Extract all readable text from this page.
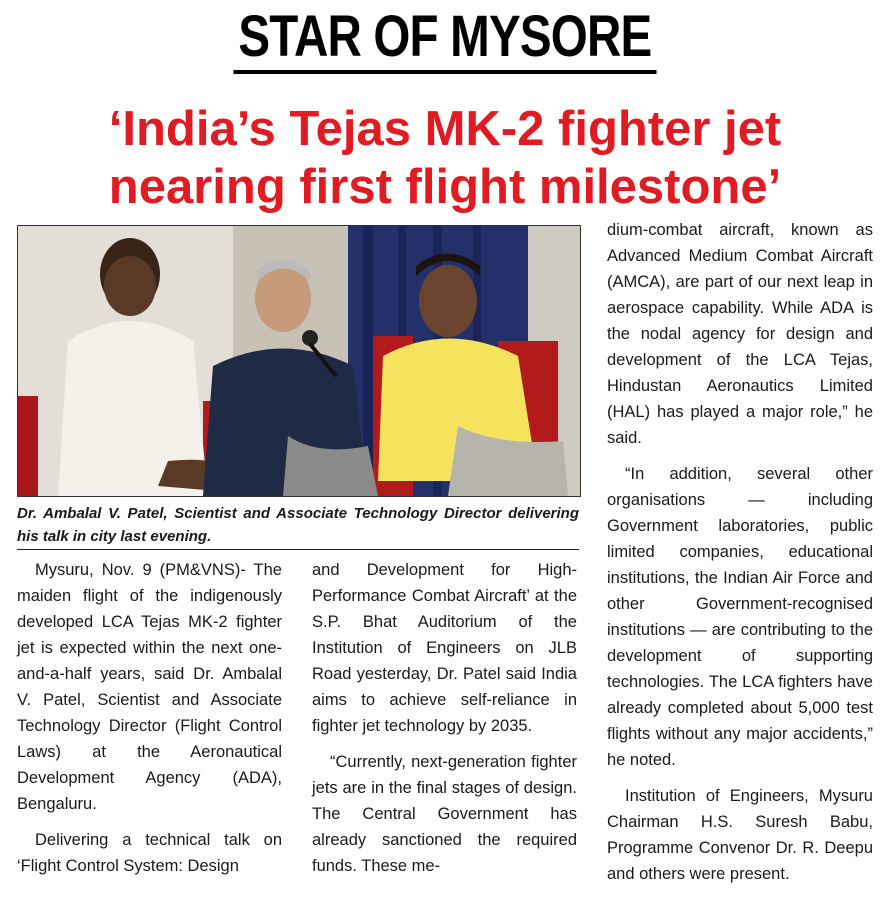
STAR OF MYSORE
‘India’s Tejas MK-2 fighter jet
nearing first flight milestone’
Dr. Ambalal V. Patel, Scientist and Associate Technology Director delivering his talk in city last evening.

Mysuru, Nov. 9 (PM&VNS)- The maiden flight of the indigenously developed LCA Tejas MK-2 fighter jet is expected within the next one-and-a-half years, said Dr. Ambalal V. Patel, Scientist and Associate Technology Director (Flight Control Laws) at the Aeronautical Development Agency (ADA), Bengaluru.

Delivering a technical talk on ‘Flight Control System: Design

and Development for High-Performance Combat Aircraft’ at the S.P. Bhat Auditorium of the Institution of Engineers on JLB Road yesterday, Dr. Patel said India aims to achieve self-reliance in fighter jet technology by 2035.

“Currently, next-generation fighter jets are in the final stages of design. The Central Government has already sanctioned the required funds. These me-

dium-combat aircraft, known as Advanced Medium Combat Aircraft (AMCA), are part of our next leap in aerospace capability. While ADA is the nodal agency for design and development of the LCA Tejas, Hindustan Aeronautics Limited (HAL) has played a major role,” he said.

“In addition, several other organisations — including Government laboratories, public limited companies, educational institutions, the Indian Air Force and other Government-recognised institutions — are contributing to the development of supporting technologies. The LCA fighters have already completed about 5,000 test flights without any major accidents,” he noted.

Institution of Engineers, Mysuru Chairman H.S. Suresh Babu, Programme Convenor Dr. R. Deepu and others were present.
